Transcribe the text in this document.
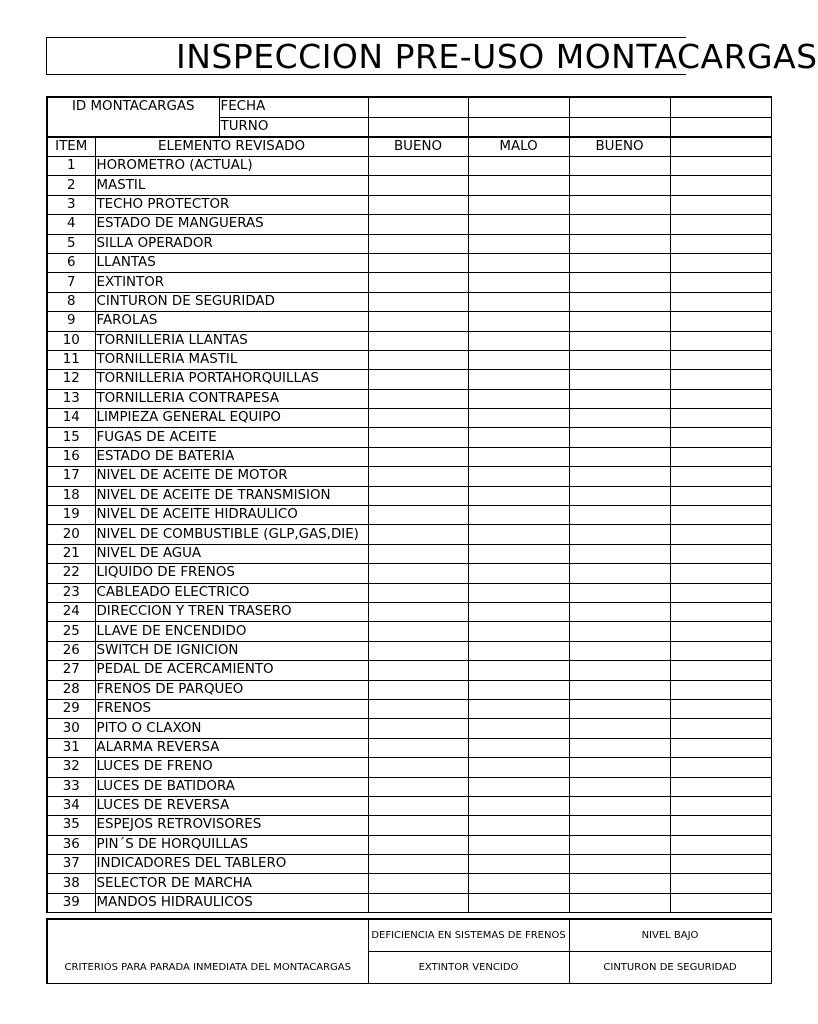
INSPECCION PRE-USO MONTACARGAS
ID MONTACARGAS		FECHA				
		TURNO				
ITEM	ELEMENTO REVISADO		BUENO	MALO	BUENO	
1	HOROMETRO (ACTUAL)					
2	MASTIL					
3	TECHO PROTECTOR					
4	ESTADO DE MANGUERAS					
5	SILLA OPERADOR					
6	LLANTAS					
7	EXTINTOR					
8	CINTURON DE SEGURIDAD					
9	FAROLAS					
10	TORNILLERIA LLANTAS					
11	TORNILLERIA MASTIL					
12	TORNILLERIA PORTAHORQUILLAS					
13	TORNILLERIA CONTRAPESA					
14	LIMPIEZA GENERAL EQUIPO					
15	FUGAS DE ACEITE					
16	ESTADO DE BATERIA					
17	NIVEL DE ACEITE DE MOTOR					
18	NIVEL DE ACEITE DE TRANSMISION					
19	NIVEL DE ACEITE HIDRAULICO					
20	NIVEL DE COMBUSTIBLE (GLP,GAS,DIE)					
21	NIVEL DE AGUA					
22	LIQUIDO DE FRENOS					
23	CABLEADO ELECTRICO					
24	DIRECCION Y TREN TRASERO					
25	LLAVE DE ENCENDIDO					
26	SWITCH DE IGNICION					
27	PEDAL DE ACERCAMIENTO					
28	FRENOS DE PARQUEO					
29	FRENOS					
30	PITO O CLAXON					
31	ALARMA REVERSA					
32	LUCES DE FRENO					
33	LUCES DE BATIDORA					
34	LUCES DE REVERSA					
35	ESPEJOS RETROVISORES					
36	PIN´S DE HORQUILLAS					
37	INDICADORES DEL TABLERO					
38	SELECTOR DE MARCHA					
39	MANDOS HIDRAULICOS					
CRITERIOS PARA PARADA INMEDIATA DEL MONTACARGAS	DEFICIENCIA EN SISTEMAS DE FRENOS	NIVEL BAJO
	EXTINTOR VENCIDO	CINTURON DE SEGURIDAD
